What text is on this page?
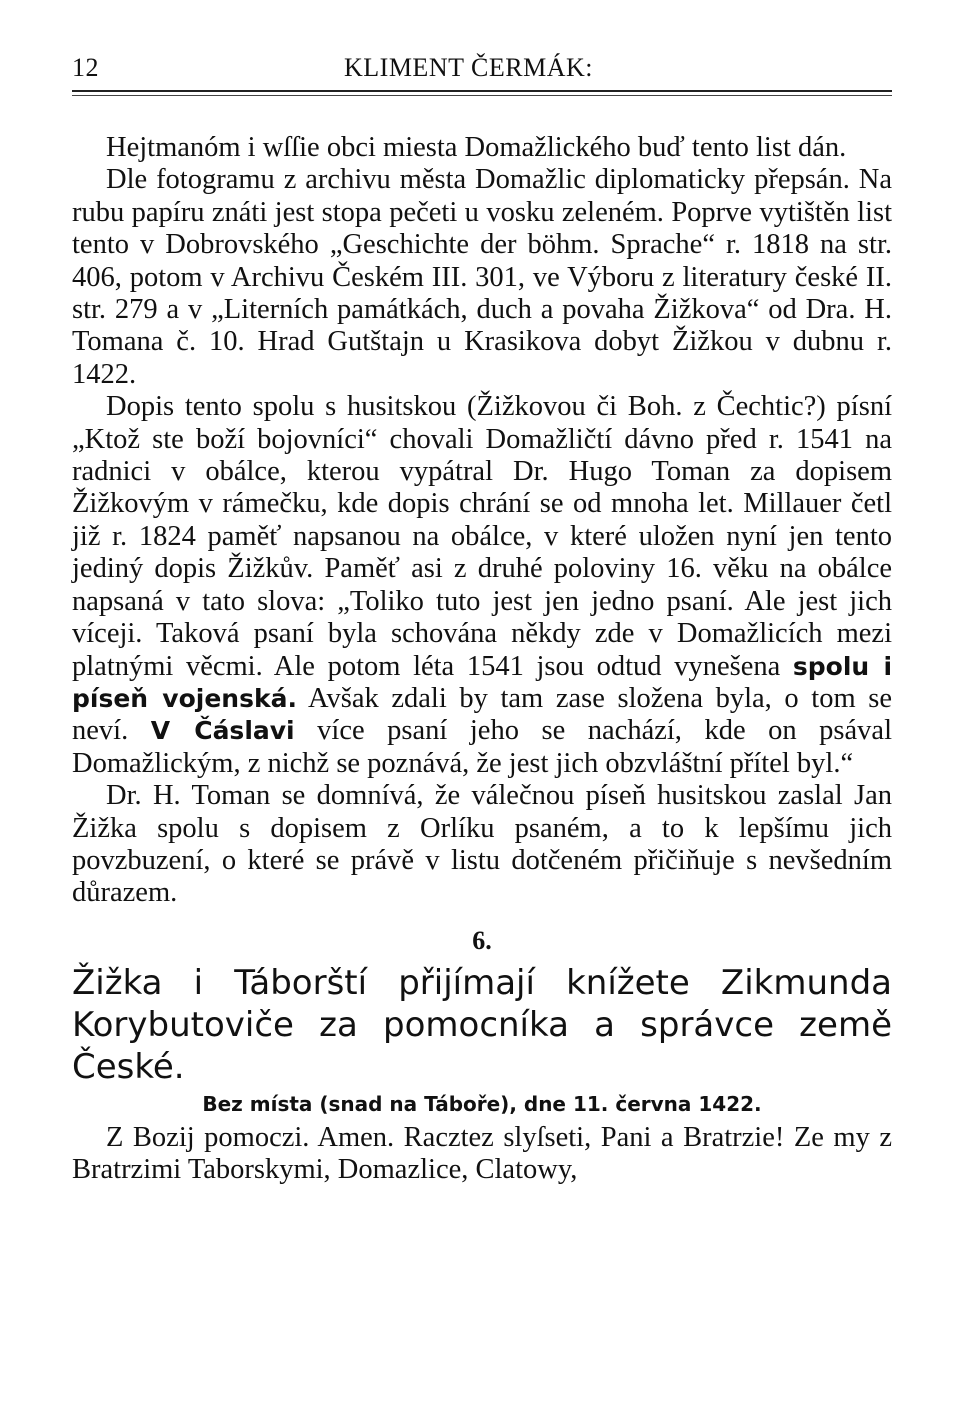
12	KLIMENT ČERMÁK:

Hejtmanóm i wſſie obci miesta Domažlického buď tento list dán.

Dle fotogramu z archivu města Domažlic diplomaticky přepsán. Na rubu papíru znáti jest stopa pečeti u vosku zeleném. Poprve vytištěn list tento v Dobrovského „Geschichte der böhm. Sprache“ r. 1818 na str. 406, potom v Archivu Českém III. 301, ve Výboru z literatury české II. str. 279 a v „Literních památkách, duch a povaha Žižkova“ od Dra. H. Tomana č. 10. Hrad Gutštajn u Krasikova dobyt Žižkou v dubnu r. 1422.

Dopis tento spolu s husitskou (Žižkovou či Boh. z Čechtic?) písní „Ktož ste boží bojovníci“ chovali Domažličtí dávno před r. 1541 na radnici v obálce, kterou vypátral Dr. Hugo Toman za dopisem Žižkovým v rámečku, kde dopis chrání se od mnoha let. Millauer četl již r. 1824 paměť napsanou na obálce, v které uložen nyní jen tento jediný dopis Žižkův. Paměť asi z druhé poloviny 16. věku na obálce napsaná v tato slova: „Toliko tuto jest jen jedno psaní. Ale jest jich víceji. Taková psaní byla schována někdy zde v Domažlicích mezi platnými věcmi. Ale potom léta 1541 jsou odtud vynešena spolu i píseň vojenská. Avšak zdali by tam zase složena byla, o tom se neví. V Čáslavi více psaní jeho se nachází, kde on psával Domažlickým, z nichž se poznává, že jest jich obzvláštní přítel byl.“

Dr. H. Toman se domnívá, že válečnou píseň husitskou zaslal Jan Žižka spolu s dopisem z Orlíku psaném, a to k lepšímu jich povzbuzení, o které se právě v listu dotčeném přičiňuje s nevšedním důrazem.

6.
Žižka i Táborští přijímají knížete Zikmunda Korybutoviče za pomocníka a správce země České.
Bez místa (snad na Táboře), dne 11. června 1422.

Z Bozij pomoczi. Amen. Racztez slyſseti, Pani a Bratrzie! Ze my z Bratrzimi Taborskymi, Domazlice, Clatowy,
